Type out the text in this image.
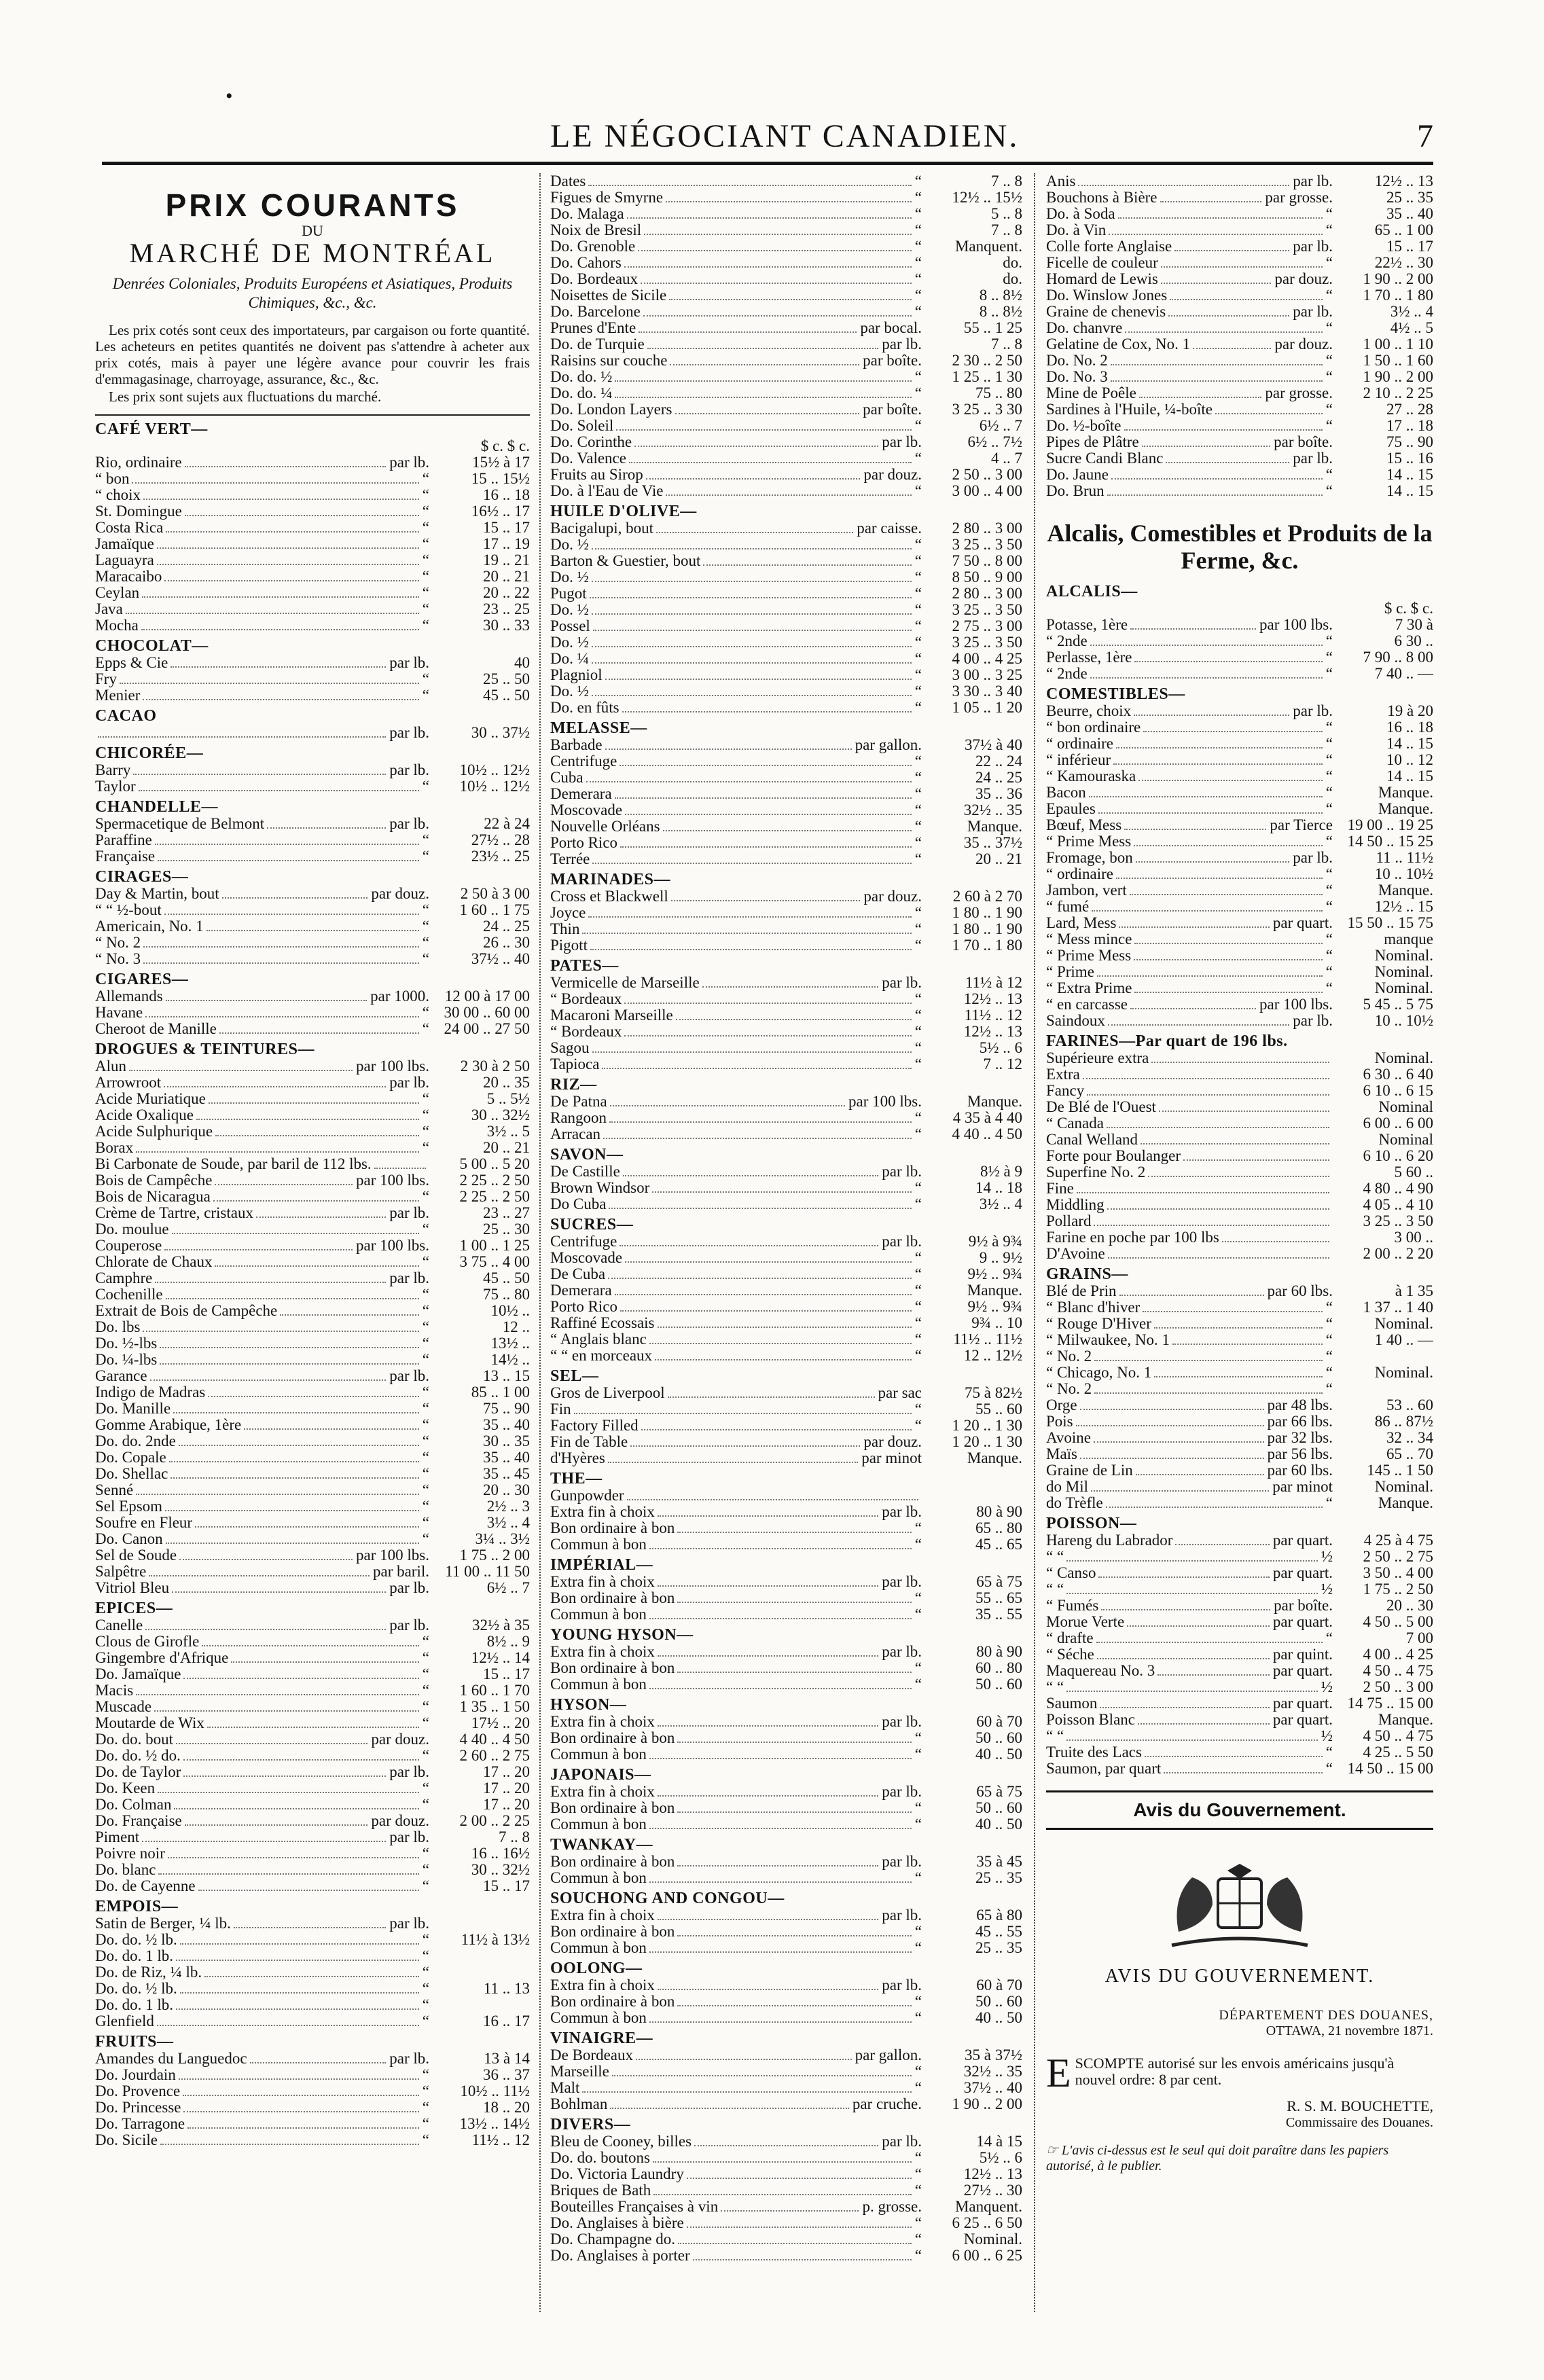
LE NÉGOCIANT CANADIEN.	7
•
PRIX COURANTS
DU
MARCHÉ DE MONTRÉAL
Denrées Coloniales, Produits Européens et Asiatiques, Produits Chimiques, &c., &c.
Les prix cotés sont ceux des importateurs, par cargaison ou forte quantité. Les acheteurs en petites quantités ne doivent pas s'attendre à acheter aux prix cotés, mais à payer une légère avance pour couvrir les frais d'emmagasinage, charroyage, assurance, &c., &c.
Les prix sont sujets aux fluctuations du marché.
CAFÉ VERT—
$ c. $ c.
Rio, ordinaire	par lb.	15½ à 17
“ bon	“	15 .. 15½
“ choix	“	16 .. 18
St. Domingue	“	16½ .. 17
Costa Rica	“	15 .. 17
Jamaïque	“	17 .. 19
Laguayra	“	19 .. 21
Maracaibo	“	20 .. 21
Ceylan	“	20 .. 22
Java	“	23 .. 25
Mocha	“	30 .. 33
CHOCOLAT—
Epps & Cie	par lb.	40
Fry	“	25 .. 50
Menier	“	45 .. 50
CACAO
par lb.	30 .. 37½
CHICORÉE—
Barry	par lb.	10½ .. 12½
Taylor	“	10½ .. 12½
CHANDELLE—
Spermacetique de Belmont	par lb.	22 à 24
Paraffine	“	27½ .. 28
Française	“	23½ .. 25
CIRAGES—
Day & Martin, bout	par douz.	2 50 à 3 00
“ “ ½-bout	“	1 60 .. 1 75
Americain, No. 1	“	24 .. 25
“ No. 2	“	26 .. 30
“ No. 3	“	37½ .. 40
CIGARES—
Allemands	par 1000. 12 00 à 17 00
Havane	“ 30 00 .. 60 00
Cheroot de Manille	“ 24 00 .. 27 50
DROGUES & TEINTURES—
Alun	par 100 lbs.	2 30 à 2 50
Arrowroot	par lb.	20 .. 35
Acide Muriatique	“	5 .. 5½
Acide Oxalique	“	30 .. 32½
Acide Sulphurique	“	3½ .. 5
Borax	“	20 .. 21
Bi Carbonate de Soude, par baril de 112 lbs.	5 00 .. 5 20
Bois de Campêche	par 100 lbs.	2 25 .. 2 50
Bois de Nicaragua	“	2 25 .. 2 50
Crème de Tartre, cristaux	par lb.	23 .. 27
Do. moulue	“	25 .. 30
Couperose	par 100 lbs.	1 00 .. 1 25
Chlorate de Chaux	“	3 75 .. 4 00
Camphre	par lb.	45 .. 50
Cochenille	“	75 .. 80
Extrait de Bois de Campêche	“	10½ ..
Do. lbs	“	12 ..
Do. ½-lbs	“	13½ ..
Do. ¼-lbs	“	14½ ..
Garance	par lb.	13 .. 15
Indigo de Madras	“	85 .. 1 00
Do. Manille	“	75 .. 90
Gomme Arabique, 1ère	“	35 .. 40
Do. do. 2nde	“	30 .. 35
Do. Copale	“	35 .. 40
Do. Shellac	“	35 .. 45
Senné	“	20 .. 30
Sel Epsom	“	2½ .. 3
Soufre en Fleur	“	3½ .. 4
Do. Canon	“	3¼ .. 3½
Sel de Soude	par 100 lbs.	1 75 .. 2 00
Salpêtre	par baril.	11 00 .. 11 50
Vitriol Bleu	par lb.	6½ .. 7
EPICES—
Canelle	par lb.	32½ à 35
Clous de Girofle	“	8½ .. 9
Gingembre d'Afrique	“	12½ .. 14
Do. Jamaïque	“	15 .. 17
Macis	“	1 60 .. 1 70
Muscade	“	1 35 .. 1 50
Moutarde de Wix	“	17½ .. 20
Do. do. bout	par douz.	4 40 .. 4 50
Do. do. ½ do.	“	2 60 .. 2 75
Do. de Taylor	par lb.	17 .. 20
Do. Keen	“	17 .. 20
Do. Colman	“	17 .. 20
Do. Française	par douz.	2 00 .. 2 25
Piment	par lb.	7 .. 8
Poivre noir	“	16 .. 16½
Do. blanc	“	30 .. 32½
Do. de Cayenne	“	15 .. 17
EMPOIS—
Satin de Berger, ¼ lb.	par lb.
Do. do. ½ lb.	“	11½ à 13½
Do. do. 1 lb.	“
Do. de Riz, ¼ lb.	“
Do. do. ½ lb.	“	11 .. 13
Do. do. 1 lb.	“
Glenfield	“	16 .. 17
FRUITS—
Amandes du Languedoc	par lb.	13 à 14
Do. Jourdain	“	36 .. 37
Do. Provence	“	10½ .. 11½
Do. Princesse	“	18 .. 20
Do. Tarragone	“	13½ .. 14½
Do. Sicile	“	11½ .. 12
Dates	“	7 .. 8
Figues de Smyrne	“	12½ .. 15½
Do. Malaga	“	5 .. 8
Noix de Bresil	“	7 .. 8
Do. Grenoble	“	Manquent.
Do. Cahors	“	do.
Do. Bordeaux	“	do.
Noisettes de Sicile	“	8 .. 8½
Do. Barcelone	“	8 .. 8½
Prunes d'Ente	par bocal.	55 .. 1 25
Do. de Turquie	par lb.	7 .. 8
Raisins sur couche	par boîte.	2 30 .. 2 50
Do. do. ½	“	1 25 .. 1 30
Do. do. ¼	“	75 .. 80
Do. London Layers	par boîte.	3 25 .. 3 30
Do. Soleil	“	6½ .. 7
Do. Corinthe	par lb.	6½ .. 7½
Do. Valence	“	4 .. 7
Fruits au Sirop	par douz.	2 50 .. 3 00
Do. à l'Eau de Vie	“	3 00 .. 4 00
HUILE D'OLIVE—
Bacigalupi, bout	par caisse.	2 80 .. 3 00
Do. ½	“	3 25 .. 3 50
Barton & Guestier, bout	“	7 50 .. 8 00
Do. ½	“	8 50 .. 9 00
Pugot	“	2 80 .. 3 00
Do. ½	“	3 25 .. 3 50
Possel	“	2 75 .. 3 00
Do. ½	“	3 25 .. 3 50
Do. ¼	“	4 00 .. 4 25
Plagniol	“	3 00 .. 3 25
Do. ½	“	3 30 .. 3 40
Do. en fûts	“	1 05 .. 1 20
MELASSE—
Barbade	par gallon.	37½ à 40
Centrifuge	“	22 .. 24
Cuba	“	24 .. 25
Demerara	“	35 .. 36
Moscovade	“	32½ .. 35
Nouvelle Orléans	“	Manque.
Porto Rico	“	35 .. 37½
Terrée	“	20 .. 21
MARINADES—
Cross et Blackwell	par douz.	2 60 à 2 70
Joyce	“	1 80 .. 1 90
Thin	“	1 80 .. 1 90
Pigott	“	1 70 .. 1 80
PATES—
Vermicelle de Marseille	par lb.	11½ à 12
“ Bordeaux	“	12½ .. 13
Macaroni Marseille	“	11½ .. 12
“ Bordeaux	“	12½ .. 13
Sagou	“	5½ .. 6
Tapioca	“	7 .. 12
RIZ—
De Patna	par 100 lbs.	Manque.
Rangoon	“	4 35 à 4 40
Arracan	“	4 40 .. 4 50
SAVON—
De Castille	par lb.	8½ à 9
Brown Windsor	“	14 .. 18
Do Cuba	“	3½ .. 4
SUCRES—
Centrifuge	par lb.	9½ à 9¾
Moscovade	“	9 .. 9½
De Cuba	“	9½ .. 9¾
Demerara	“	Manque.
Porto Rico	“	9½ .. 9¾
Raffiné Ecossais	“	9¾ .. 10
“ Anglais blanc	“	11½ .. 11½
“ “ en morceaux	“	12 .. 12½
SEL—
Gros de Liverpool	par sac	75 à 82½
Fin	“	55 .. 60
Factory Filled	“	1 20 .. 1 30
Fin de Table	par douz.	1 20 .. 1 30
d'Hyères	par minot	Manque.
THE—
Gunpowder
Extra fin à choix	par lb.	80 à 90
Bon ordinaire à bon	“	65 .. 80
Commun à bon	“	45 .. 65
IMPÉRIAL—
Extra fin à choix	par lb.	65 à 75
Bon ordinaire à bon	“	55 .. 65
Commun à bon	“	35 .. 55
YOUNG HYSON—
Extra fin à choix	par lb.	80 à 90
Bon ordinaire à bon	“	60 .. 80
Commun à bon	“	50 .. 60
HYSON—
Extra fin à choix	par lb.	60 à 70
Bon ordinaire à bon	“	50 .. 60
Commun à bon	“	40 .. 50
JAPONAIS—
Extra fin à choix	par lb.	65 à 75
Bon ordinaire à bon	“	50 .. 60
Commun à bon	“	40 .. 50
TWANKAY—
Bon ordinaire à bon	par lb.	35 à 45
Commun à bon	“	25 .. 35
SOUCHONG AND CONGOU—
Extra fin à choix	par lb.	65 à 80
Bon ordinaire à bon	“	45 .. 55
Commun à bon	“	25 .. 35
OOLONG—
Extra fin à choix	par lb.	60 à 70
Bon ordinaire à bon	“	50 .. 60
Commun à bon	“	40 .. 50
VINAIGRE—
De Bordeaux	par gallon.	35 à 37½
Marseille	“	32½ .. 35
Malt	“	37½ .. 40
Bohlman	par cruche.	1 90 .. 2 00
DIVERS—
Bleu de Cooney, billes	par lb.	14 à 15
Do. do. boutons	“	5½ .. 6
Do. Victoria Laundry	“	12½ .. 13
Briques de Bath	“	27½ .. 30
Bouteilles Françaises à vin	p. grosse.	Manquent.
Do. Anglaises à bière	“	6 25 .. 6 50
Do. Champagne do.	“	Nominal.
Do. Anglaises à porter	“	6 00 .. 6 25
Anis	par lb.	12½ .. 13
Bouchons à Bière	par grosse.	25 .. 35
Do. à Soda	“	35 .. 40
Do. à Vin	“	65 .. 1 00
Colle forte Anglaise	par lb.	15 .. 17
Ficelle de couleur	“	22½ .. 30
Homard de Lewis	par douz.	1 90 .. 2 00
Do. Winslow Jones	“	1 70 .. 1 80
Graine de chenevis	par lb.	3½ .. 4
Do. chanvre	“	4½ .. 5
Gelatine de Cox, No. 1	par douz.	1 00 .. 1 10
Do. No. 2	“	1 50 .. 1 60
Do. No. 3	“	1 90 .. 2 00
Mine de Poêle	par grosse.	2 10 .. 2 25
Sardines à l'Huile, ¼-boîte	“	27 .. 28
Do. ½-boîte	“	17 .. 18
Pipes de Plâtre	par boîte.	75 .. 90
Sucre Candi Blanc	par lb.	15 .. 16
Do. Jaune	“	14 .. 15
Do. Brun	“	14 .. 15
Alcalis, Comestibles et Produits de la Ferme, &c.
ALCALIS—
$ c. $ c.
Potasse, 1ère	par 100 lbs.	7 30 à
“ 2nde	“	6 30 ..
Perlasse, 1ère	“	7 90 .. 8 00
“ 2nde	“	7 40 .. —
COMESTIBLES—
Beurre, choix	par lb.	19 à 20
“ bon ordinaire	“	16 .. 18
“ ordinaire	“	14 .. 15
“ inférieur	“	10 .. 12
“ Kamouraska	“	14 .. 15
Bacon	“	Manque.
Epaules	“	Manque.
Bœuf, Mess	par Tierce 19 00 .. 19 25
“ Prime Mess	“ 14 50 .. 15 25
Fromage, bon	par lb.	11 .. 11½
“ ordinaire	“	10 .. 10½
Jambon, vert	“	Manque.
“ fumé	“	12½ .. 15
Lard, Mess	par quart. 15 50 .. 15 75
“ Mess mince	“	manque
“ Prime Mess	“	Nominal.
“ Prime	“	Nominal.
“ Extra Prime	“	Nominal.
“ en carcasse	par 100 lbs.	5 45 .. 5 75
Saindoux	par lb.	10 .. 10½
FARINES—Par quart de 196 lbs.
Supérieure extra	Nominal.
Extra	6 30 .. 6 40
Fancy	6 10 .. 6 15
De Blé de l'Ouest	Nominal
“ Canada	6 00 .. 6 00
Canal Welland	Nominal
Forte pour Boulanger	6 10 .. 6 20
Superfine No. 2	5 60 ..
Fine	4 80 .. 4 90
Middling	4 05 .. 4 10
Pollard	3 25 .. 3 50
Farine en poche par 100 lbs	3 00 ..
D'Avoine	2 00 .. 2 20
GRAINS—
Blé de Prin	par 60 lbs.	à 1 35
“ Blanc d'hiver	“	1 37 .. 1 40
“ Rouge D'Hiver	“	Nominal.
“ Milwaukee, No. 1	“	1 40 .. —
“ No. 2	“
“ Chicago, No. 1	“	Nominal.
“ No. 2	“
Orge	par 48 lbs.	53 .. 60
Pois	par 66 lbs.	86 .. 87½
Avoine	par 32 lbs.	32 .. 34
Maïs	par 56 lbs.	65 .. 70
Graine de Lin	par 60 lbs.	145 .. 1 50
do Mil	par minot	Nominal.
do Trèfle	“	Manque.
POISSON—
Hareng du Labrador	par quart.	4 25 à 4 75
“ “	½	2 50 .. 2 75
“ Canso	par quart.	3 50 .. 4 00
“ “	½	1 75 .. 2 50
“ Fumés	par boîte.	20 .. 30
Morue Verte	par quart.	4 50 .. 5 00
“ drafte	“	7 00
“ Séche	par quint.	4 00 .. 4 25
Maquereau No. 3	par quart.	4 50 .. 4 75
“ “	½	2 50 .. 3 00
Saumon	par quart. 14 75 .. 15 00
Poisson Blanc	par quart.	Manque.
“ “	½	4 50 .. 4 75
Truite des Lacs	“	4 25 .. 5 50
Saumon, par quart	“ 14 50 .. 15 00
Avis du Gouvernement.
AVIS DU GOUVERNEMENT.
DÉPARTEMENT DES DOUANES,
OTTAWA, 21 novembre 1871.
ESCOMPTE autorisé sur les envois américains jusqu'à nouvel ordre: 8 par cent.
R. S. M. BOUCHETTE,
Commissaire des Douanes.
☞ L'avis ci-dessus est le seul qui doit paraître dans les papiers autorisé, à le publier.
